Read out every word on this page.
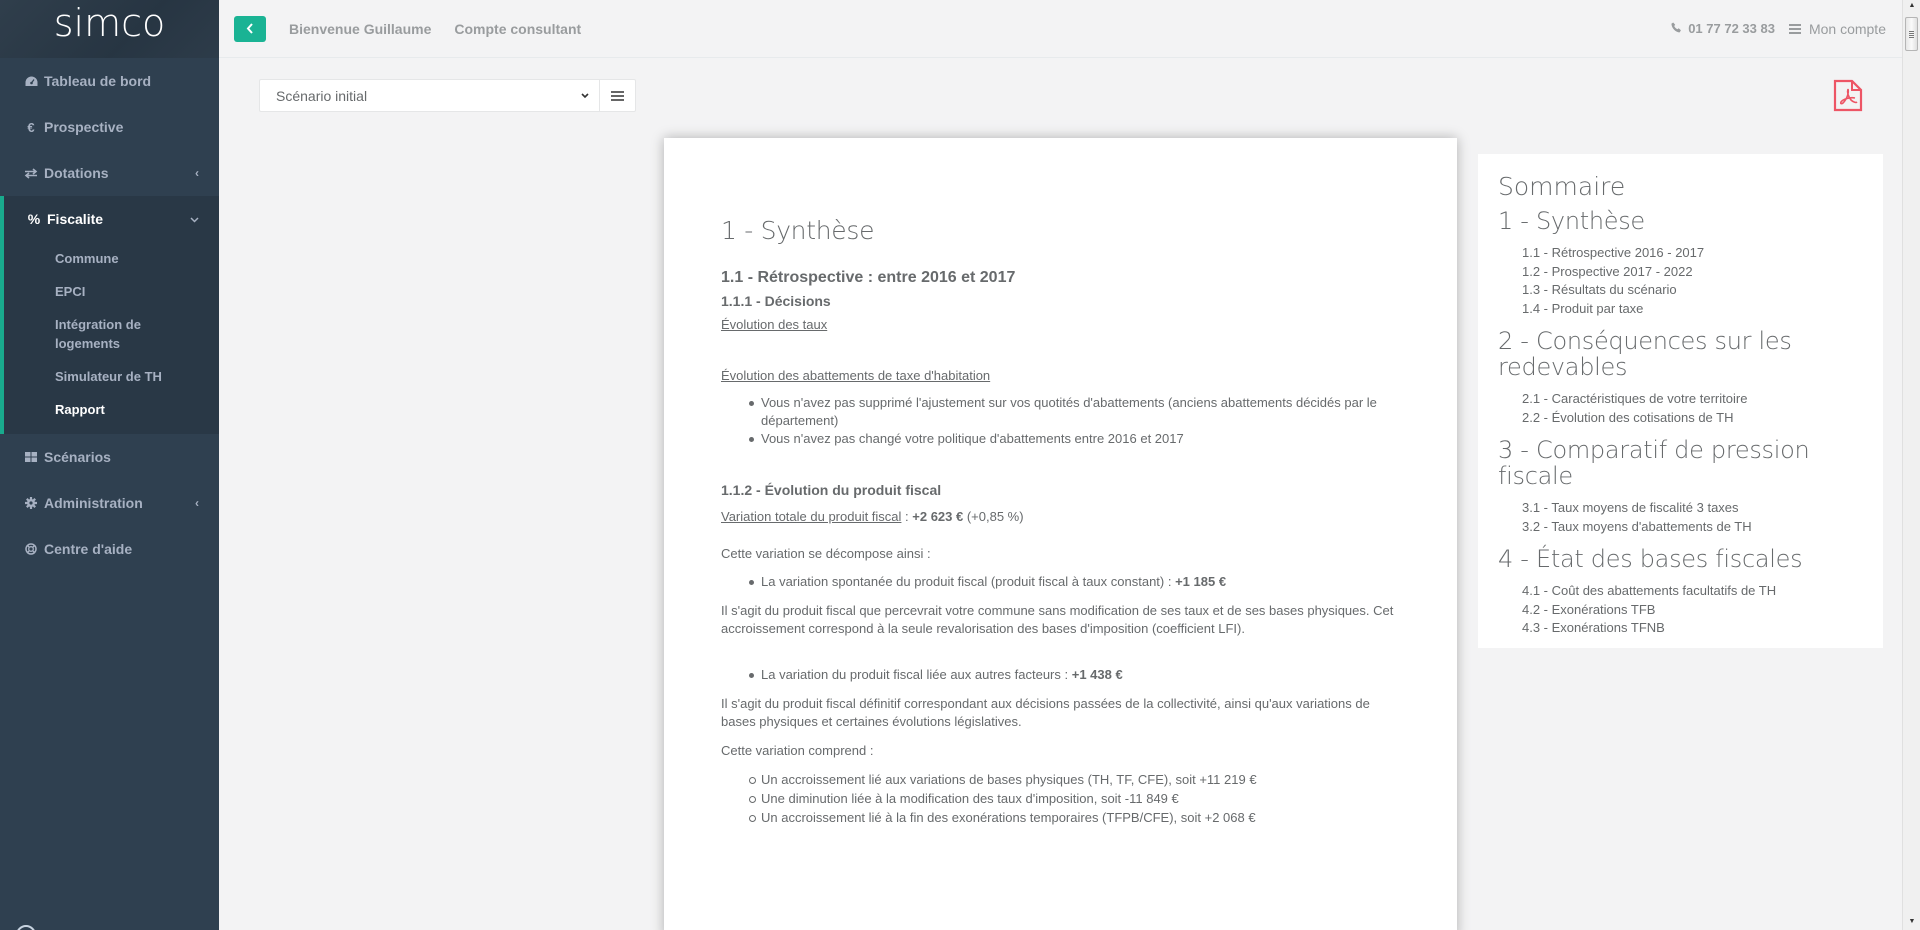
simco
Tableau de bord
€ Prospective
Dotations	‹
% Fiscalite
Commune
EPCI
Intégration de logements
Simulateur de TH
Rapport
Scénarios
Administration	‹
Centre d'aide
Bienvenue Guillaume Compte consultant	01 77 72 33 83 Mon compte
▲
▼
Scénario initial
1 - Synthèse
1.1 - Rétrospective : entre 2016 et 2017
1.1.1 - Décisions
Évolution des taux
Évolution des abattements de taxe d'habitation
Vous n'avez pas supprimé l'ajustement sur vos quotités d'abattements (anciens abattements décidés par le département)
Vous n'avez pas changé votre politique d'abattements entre 2016 et 2017
1.1.2 - Évolution du produit fiscal
Variation totale du produit fiscal : +2 623 € (+0,85 %)
Cette variation se décompose ainsi :
La variation spontanée du produit fiscal (produit fiscal à taux constant) : +1 185 €
Il s'agit du produit fiscal que percevrait votre commune sans modification de ses taux et de ses bases physiques. Cet accroissement correspond à la seule revalorisation des bases d'imposition (coefficient LFI).
La variation du produit fiscal liée aux autres facteurs : +1 438 €
Il s'agit du produit fiscal définitif correspondant aux décisions passées de la collectivité, ainsi qu'aux variations de bases physiques et certaines évolutions législatives.
Cette variation comprend :
Un accroissement lié aux variations de bases physiques (TH, TF, CFE), soit +11 219 €
Une diminution liée à la modification des taux d'imposition, soit -11 849 €
Un accroissement lié à la fin des exonérations temporaires (TFPB/CFE), soit +2 068 €
Sommaire
1 - Synthèse
1.1 - Rétrospective 2016 - 2017
1.2 - Prospective 2017 - 2022
1.3 - Résultats du scénario
1.4 - Produit par taxe
2 - Conséquences sur les redevables
2.1 - Caractéristiques de votre territoire
2.2 - Évolution des cotisations de TH
3 - Comparatif de pression fiscale
3.1 - Taux moyens de fiscalité 3 taxes
3.2 - Taux moyens d'abattements de TH
4 - État des bases fiscales
4.1 - Coût des abattements facultatifs de TH
4.2 - Exonérations TFB
4.3 - Exonérations TFNB
